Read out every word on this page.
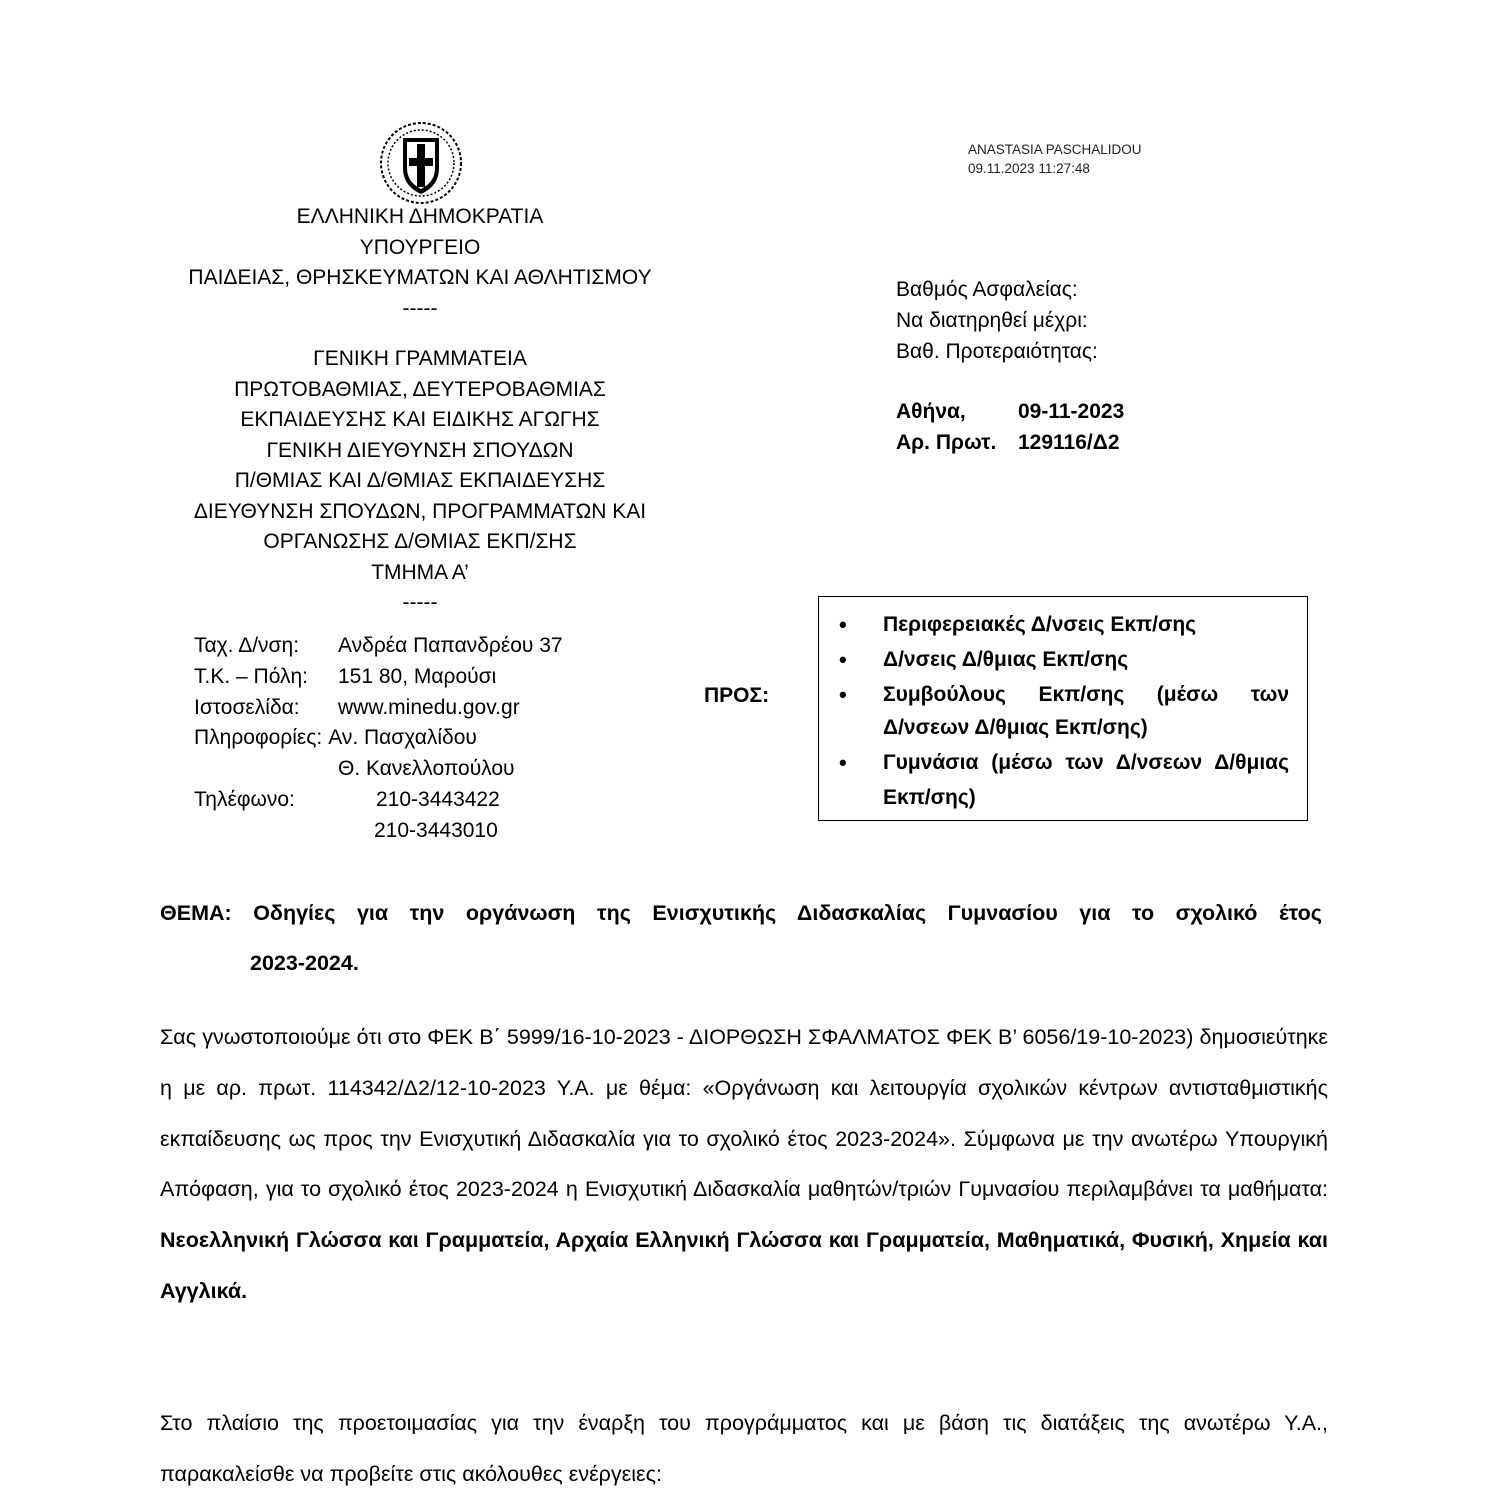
ΕΛΛΗΝΙΚΗ ΔΗΜΟΚΡΑΤΙΑ
ΥΠΟΥΡΓΕΙΟ
ΠΑΙΔΕΙΑΣ, ΘΡΗΣΚΕΥΜΑΤΩΝ ΚΑΙ ΑΘΛΗΤΙΣΜΟΥ
-----
ΓΕΝΙΚΗ ΓΡΑΜΜΑΤΕΙΑ
ΠΡΩΤΟΒΑΘΜΙΑΣ, ΔΕΥΤΕΡΟΒΑΘΜΙΑΣ
ΕΚΠΑΙΔΕΥΣΗΣ ΚΑΙ ΕΙΔΙΚΗΣ ΑΓΩΓΗΣ
ΓΕΝΙΚΗ ΔΙΕΥΘΥΝΣΗ ΣΠΟΥΔΩΝ
Π/ΘΜΙΑΣ ΚΑΙ Δ/ΘΜΙΑΣ ΕΚΠΑΙΔΕΥΣΗΣ
ΔΙΕΥΘΥΝΣΗ ΣΠΟΥΔΩΝ, ΠΡΟΓΡΑΜΜΑΤΩΝ ΚΑΙ
ΟΡΓΑΝΩΣΗΣ Δ/ΘΜΙΑΣ ΕΚΠ/ΣΗΣ
ΤΜΗΜΑ Α’
-----
ANASTASIA PASCHALIDOU
09.11.2023 11:27:48
Βαθμός Ασφαλείας:
Να διατηρηθεί μέχρι:
Βαθ. Προτεραιότητας:
Αθήνα,	09-11-2023
Αρ. Πρωτ.	129116/Δ2
Ταχ. Δ/νση:	Ανδρέα Παπανδρέου 37
Τ.Κ. – Πόλη:	151 80, Μαρούσι
Ιστοσελίδα:	www.minedu.gov.gr
Πληροφορίες: Αν. Πασχαλίδου
Θ. Κανελλοπούλου
Τηλέφωνο:	210-3443422
210-3443010
ΠΡΟΣ:
• Περιφερειακές Δ/νσεις Εκπ/σης
• Δ/νσεις Δ/θμιας Εκπ/σης
• Συμβούλους Εκπ/σης (μέσω των
Δ/νσεων Δ/θμιας Εκπ/σης)
• Γυμνάσια (μέσω των Δ/νσεων Δ/θμιας Εκπ/σης)
ΘΕΜΑ: Οδηγίες για την οργάνωση της Ενισχυτικής Διδασκαλίας Γυμνασίου για το σχολικό έτος
2023-2024.
Σας γνωστοποιούμε ότι στο ΦΕΚ Β΄ 5999/16-10-2023 - ΔΙΟΡΘΩΣΗ ΣΦΑΛΜΑΤΟΣ ΦΕΚ Β’ 6056/19-10-2023) δημοσιεύτηκε η με αρ. πρωτ. 114342/Δ2/12-10-2023 Υ.Α. με θέμα: «Οργάνωση και λειτουργία σχολικών κέντρων αντισταθμιστικής εκπαίδευσης ως προς την Ενισχυτική Διδασκαλία για το σχολικό έτος 2023-2024». Σύμφωνα με την ανωτέρω Υπουργική Απόφαση, για το σχολικό έτος 2023-2024 η Ενισχυτική Διδασκαλία μαθητών/τριών Γυμνασίου περιλαμβάνει τα μαθήματα: Νεοελληνική Γλώσσα και Γραμματεία, Αρχαία Ελληνική Γλώσσα και Γραμματεία, Μαθηματικά, Φυσική, Χημεία και Αγγλικά.
Στο πλαίσιο της προετοιμασίας για την έναρξη του προγράμματος και με βάση τις διατάξεις της ανωτέρω Υ.Α., παρακαλείσθε να προβείτε στις ακόλουθες ενέργειες:
